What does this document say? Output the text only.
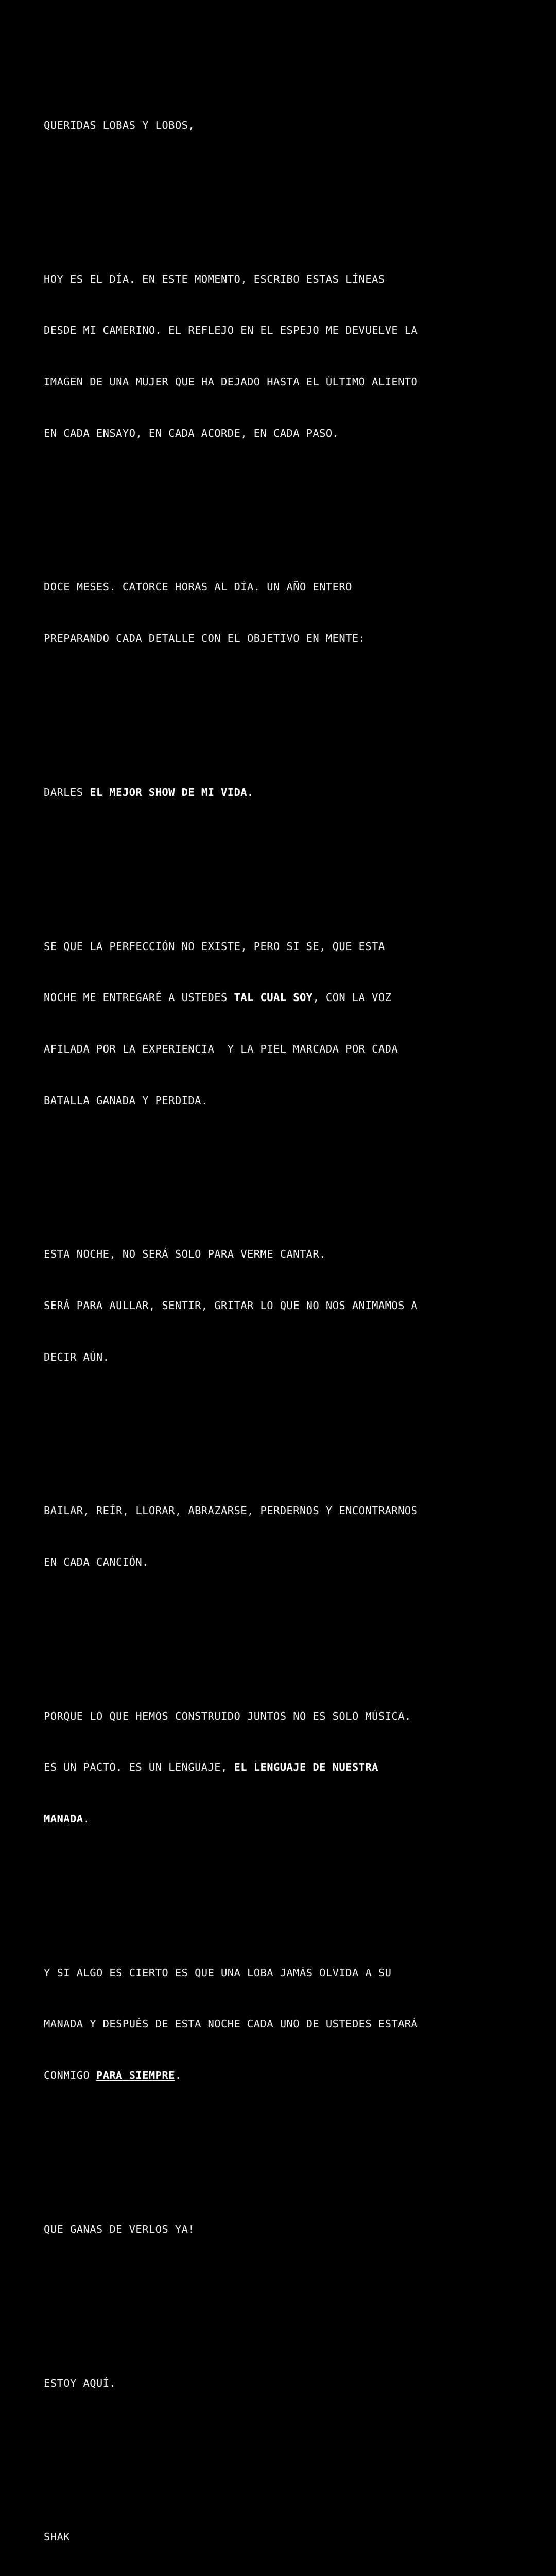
QUERIDAS LOBAS Y LOBOS,

HOY ES EL DÍA. EN ESTE MOMENTO, ESCRIBO ESTAS LÍNEAS

DESDE MI CAMERINO. EL REFLEJO EN EL ESPEJO ME DEVUELVE LA

IMAGEN DE UNA MUJER QUE HA DEJADO HASTA EL ÚLTIMO ALIENTO

EN CADA ENSAYO, EN CADA ACORDE, EN CADA PASO.

DOCE MESES. CATORCE HORAS AL DÍA. UN AÑO ENTERO

PREPARANDO CADA DETALLE CON EL OBJETIVO EN MENTE:

DARLES EL MEJOR SHOW DE MI VIDA.

SE QUE LA PERFECCIÓN NO EXISTE, PERO SI SE, QUE ESTA

NOCHE ME ENTREGARÉ A USTEDES TAL CUAL SOY, CON LA VOZ

AFILADA POR LA EXPERIENCIA  Y LA PIEL MARCADA POR CADA

BATALLA GANADA Y PERDIDA.

ESTA NOCHE, NO SERÁ SOLO PARA VERME CANTAR.

SERÁ PARA AULLAR, SENTIR, GRITAR LO QUE NO NOS ANIMAMOS A

DECIR AÚN.

BAILAR, REÍR, LLORAR, ABRAZARSE, PERDERNOS Y ENCONTRARNOS

EN CADA CANCIÓN.

PORQUE LO QUE HEMOS CONSTRUIDO JUNTOS NO ES SOLO MÚSICA.

ES UN PACTO. ES UN LENGUAJE, EL LENGUAJE DE NUESTRA

MANADA.

Y SI ALGO ES CIERTO ES QUE UNA LOBA JAMÁS OLVIDA A SU

MANADA Y DESPUÉS DE ESTA NOCHE CADA UNO DE USTEDES ESTARÁ

CONMIGO PARA SIEMPRE.

QUE GANAS DE VERLOS YA!

ESTOY AQUÍ.

SHAK
